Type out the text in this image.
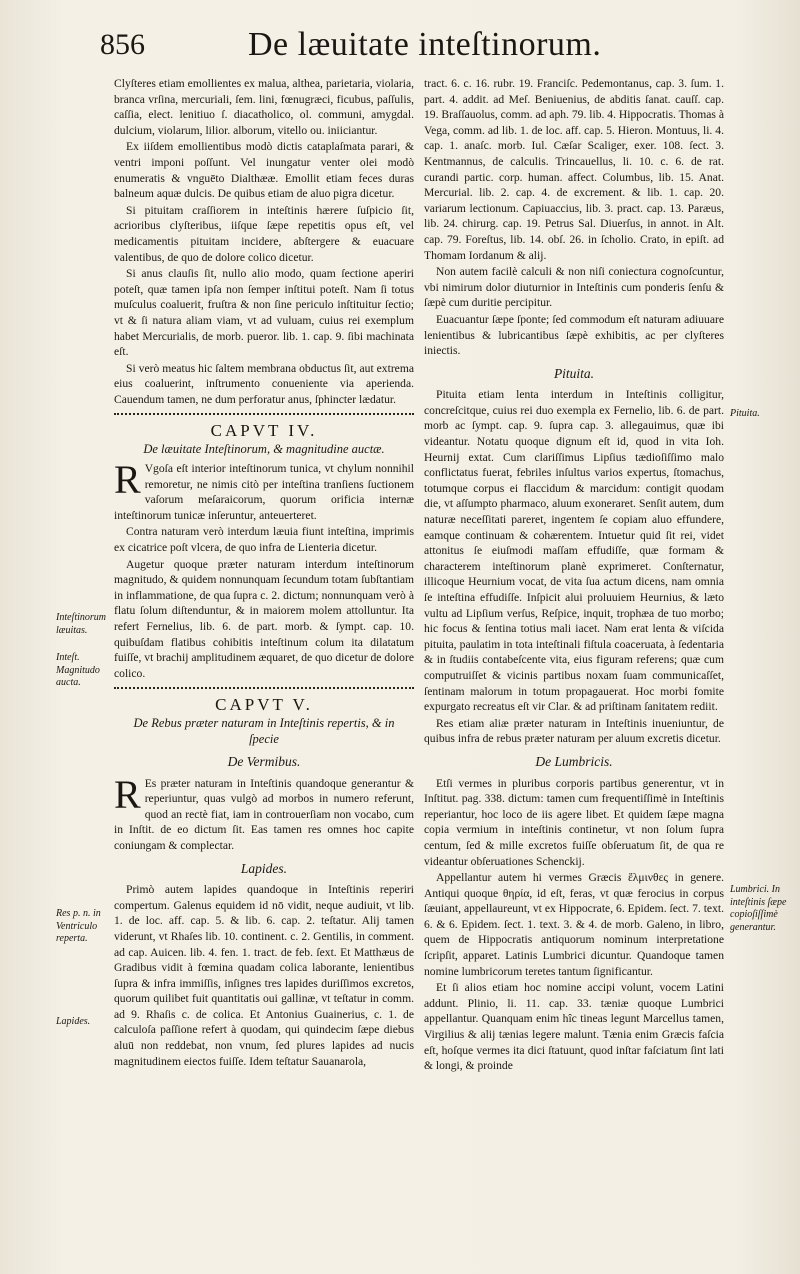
856	De læuitate inteſtinorum.

Clyſteres etiam emollientes ex malua, althea, parietaria, violaria, branca vrſina, mercuriali, ſem. lini, fœnugræci, ficubus, paſſulis, caſſia, elect. lenitiuo ſ. diacatholico, ol. communi, amygdal. dulcium, violarum, lilior. alborum, vitello ou. iniiciantur.

Ex iiſdem emollientibus modò dictis cataplaſmata parari, & ventri imponi poſſunt. Vel inungatur venter olei modò enumeratis & vnguēto Dialthææ. Emollit etiam feces duras balneum aquæ dulcis. De quibus etiam de aluo pigra dicetur.

Si pituitam craſſiorem in inteſtinis hærere ſuſpicio ſit, acrioribus clyſteribus, iiſque ſæpe repetitis opus eſt, vel medicamentis pituitam incidere, abſtergere & euacuare valentibus, de quo de dolore colico dicetur.

Si anus clauſis ſit, nullo alio modo, quam ſectione aperiri poteſt, quæ tamen ipſa non ſemper inſtitui poteſt. Nam ſi totus muſculus coaluerit, fruſtra & non ſine periculo inſtituitur ſectio; vt & ſi natura aliam viam, vt ad vuluam, cuius rei exemplum habet Mercurialis, de morb. pueror. lib. 1. cap. 9. ſibi machinata eſt.

Si verò meatus hic ſaltem membrana obductus ſit, aut extrema eius coaluerint, inſtrumento conueniente via aperienda. Cauendum tamen, ne dum perforatur anus, ſphincter lædatur.

CAPVT IV.
De læuitate Inteſtinorum, & magnitudine auctæ.

R Vgoſa eſt interior inteſtinorum tunica, vt chylum nonnihil remoretur, ne nimis citò per inteſtina tranſiens ſuctionem vaſorum meſaraicorum, quorum orificia internæ inteſtinorum tunicæ inſeruntur, anteuerteret.

Contra naturam verò interdum læuia fiunt inteſtina, imprimis ex cicatrice poſt vlcera, de quo infra de Lienteria dicetur.

Augetur quoque præter naturam interdum inteſtinorum magnitudo, & quidem nonnunquam ſecundum totam ſubſtantiam in inflammatione, de qua ſupra c. 2. dictum; nonnunquam verò à flatu ſolum diſtenduntur, & in maiorem molem attolluntur. Ita refert Fernelius, lib. 6. de part. morb. & ſympt. cap. 10. quibuſdam flatibus cohibitis inteſtinum colum ita dilatatum fuiſſe, vt brachij amplitudinem æquaret, de quo dicetur de dolore colico.

CAPVT V.
De Rebus præter naturam in Inteſtinis repertis, & in ſpecie
De Vermibus.

R Es præter naturam in Inteſtinis quandoque generantur & reperiuntur, quas vulgò ad morbos in numero referunt, quod an rectè fiat, iam in controuerſiam non vocabo, cum in Inſtit. de eo dictum ſit. Eas tamen res omnes hoc capite coniungam & complectar.

Lapides.

Primò autem lapides quandoque in Inteſtinis reperiri compertum. Galenus equidem id nō vidit, neque audiuit, vt lib. 1. de loc. aff. cap. 5. & lib. 6. cap. 2. teſtatur. Alij tamen viderunt, vt Rhaſes lib. 10. continent. c. 2. Gentilis, in comment. ad cap. Auicen. lib. 4. fen. 1. tract. de feb. ſext. Et Matthæus de Gradibus vidit à fœmina quadam colica laborante, lenientibus ſupra & infra immiſſis, inſignes tres lapides duriſſimos excretos, quorum quilibet fuit quantitatis oui gallinæ, vt teſtatur in comm. ad 9. Rhaſis c. de colica. Et Antonius Guainerius, c. 1. de calculoſa paſſione refert à quodam, qui quindecim ſæpe diebus aluū non reddebat, non vnum, ſed plures lapides ad nucis magnitudinem eiectos fuiſſe. Idem teſtatur Sauanarola,

tract. 6. c. 16. rubr. 19. Franciſc. Pedemontanus, cap. 3. ſum. 1. part. 4. addit. ad Meſ. Beniuenius, de abditis ſanat. cauſſ. cap. 19. Braſſauolus, comm. ad aph. 79. lib. 4. Hippocratis. Thomas à Vega, comm. ad lib. 1. de loc. aff. cap. 5. Hieron. Montuus, li. 4. cap. 1. anaſc. morb. Iul. Cæſar Scaliger, exer. 108. ſect. 3. Kentmannus, de calculis. Trincauellus, li. 10. c. 6. de rat. curandi partic. corp. human. affect. Columbus, lib. 15. Anat. Mercurial. lib. 2. cap. 4. de excrement. & lib. 1. cap. 20. variarum lectionum. Capiuaccius, lib. 3. pract. cap. 13. Paræus, lib. 24. chirurg. cap. 19. Petrus Sal. Diuerſus, in annot. in Alt. cap. 79. Foreſtus, lib. 14. obſ. 26. in ſcholio. Crato, in epiſt. ad Thomam Iordanum & alij.

Non autem facilè calculi & non niſi coniectura cognoſcuntur, vbi nimirum dolor diuturnior in Inteſtinis cum ponderis ſenſu & ſæpè cum duritie percipitur.

Euacuantur ſæpe ſponte; ſed commodum eſt naturam adiuuare lenientibus & lubricantibus ſæpè exhibitis, ac per clyſteres iniectis.

Pituita.

Pituita etiam lenta interdum in Inteſtinis colligitur, concreſcitque, cuius rei duo exempla ex Fernelio, lib. 6. de part. morb ac ſympt. cap. 9. ſupra cap. 3. allegauimus, quæ ibi videantur. Notatu quoque dignum eſt id, quod in vita Ioh. Heurnij extat. Cum clariſſimus Lipſius tædioſiſſimo malo conflictatus fuerat, febriles inſultus varios expertus, ſtomachus, totumque corpus ei flaccidum & marcidum: contigit quodam die, vt aſſumpto pharmaco, aluum exoneraret. Senſit autem, dum naturæ neceſſitati pareret, ingentem ſe copiam aluo effundere, eamque continuam & cohærentem. Intuetur quid ſit rei, videt attonitus ſe eiuſmodi maſſam effudiſſe, quæ formam & characterem inteſtinorum planè exprimeret. Conſternatur, illicoque Heurnium vocat, de vita ſua actum dicens, nam omnia ſe inteſtina effudiſſe. Inſpicit alui proluuiem Heurnius, & læto vultu ad Lipſium verſus, Reſpice, inquit, trophæa de tuo morbo; hic focus & ſentina totius mali iacet. Nam erat lenta & viſcida pituita, paulatim in tota inteſtinali fiſtula coaceruata, à ſedentaria & in ſtudiis contabeſcente vita, eius figuram referens; quæ cum computruiſſet & vicinis partibus noxam ſuam communicaſſet, ſentinam malorum in totum propagauerat. Hoc morbi fomite expurgato recreatus eſt vir Clar. & ad priſtinam ſanitatem rediit.

Res etiam aliæ præter naturam in Inteſtinis inueniuntur, de quibus infra de rebus præter naturam per aluum excretis dicetur.

De Lumbricis.

Etſi vermes in pluribus corporis partibus generentur, vt in Inſtitut. pag. 338. dictum: tamen cum frequentiſſimè in Inteſtinis reperiantur, hoc loco de iis agere libet. Et quidem ſæpe magna copia vermium in inteſtinis continetur, vt non ſolum ſupra centum, ſed & mille excretos fuiſſe obſeruatum ſit, de qua re videantur obſeruationes Schenckij.

Appellantur autem hi vermes Græcis ἕλμινθες in genere. Antiqui quoque θηρία, id eſt, feras, vt quæ ferocius in corpus ſæuiant, appellaureunt, vt ex Hippocrate, 6. Epidem. ſect. 7. text. 6. & 6. Epidem. ſect. 1. text. 3. & 4. de morb. Galeno, in libro, quem de Hippocratis antiquorum nominum interpretatione ſcripſit, apparet. Latinis Lumbrici dicuntur. Quandoque tamen nomine lumbricorum teretes tantum ſignificantur.

Et ſi alios etiam hoc nomine accipi volunt, vocem Latini addunt. Plinio, li. 11. cap. 33. tæniæ quoque Lumbrici appellantur. Quanquam enim hîc tineas legunt Marcellus tamen, Virgilius & alij tænias legere malunt. Tænia enim Græcis faſcia eſt, hoſque vermes ita dici ſtatuunt, quod inſtar faſciatum ſint lati & longi, & proinde

Inteſtinorum læuitas.
Inteſt. Magnitudo aucta.
Res p. n. in Ventriculo reperta.
Lapides.
Pituita.
Lumbrici. In inteſtinis ſæpe copioſiſſimè generantur.
